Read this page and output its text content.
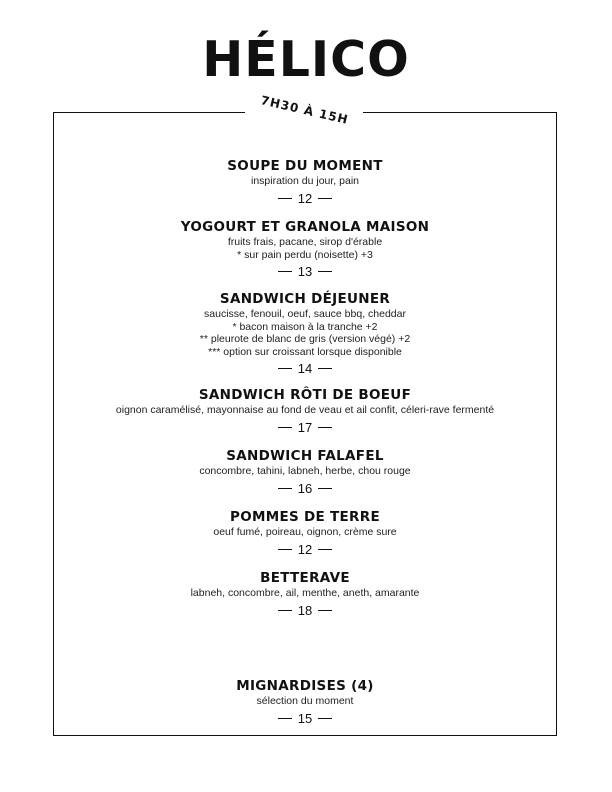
HÉLICO
7H30 À 15H
SOUPE DU MOMENT
inspiration du jour, pain
12
YOGOURT ET GRANOLA MAISON
fruits frais, pacane, sirop d'érable
* sur pain perdu (noisette) +3
13
SANDWICH DÉJEUNER
saucisse, fenouil, oeuf, sauce bbq, cheddar
* bacon maison à la tranche +2
** pleurote de blanc de gris (version végé) +2
*** option sur croissant lorsque disponible
14
SANDWICH RÔTI DE BOEUF
oignon caramélisé, mayonnaise au fond de veau et ail confit, céleri-rave fermenté
17
SANDWICH FALAFEL
concombre, tahini, labneh, herbe, chou rouge
16
POMMES DE TERRE
oeuf fumé, poireau, oignon, crème sure
12
BETTERAVE
labneh, concombre, ail, menthe, aneth, amarante
18
MIGNARDISES (4)
sélection du moment
15
